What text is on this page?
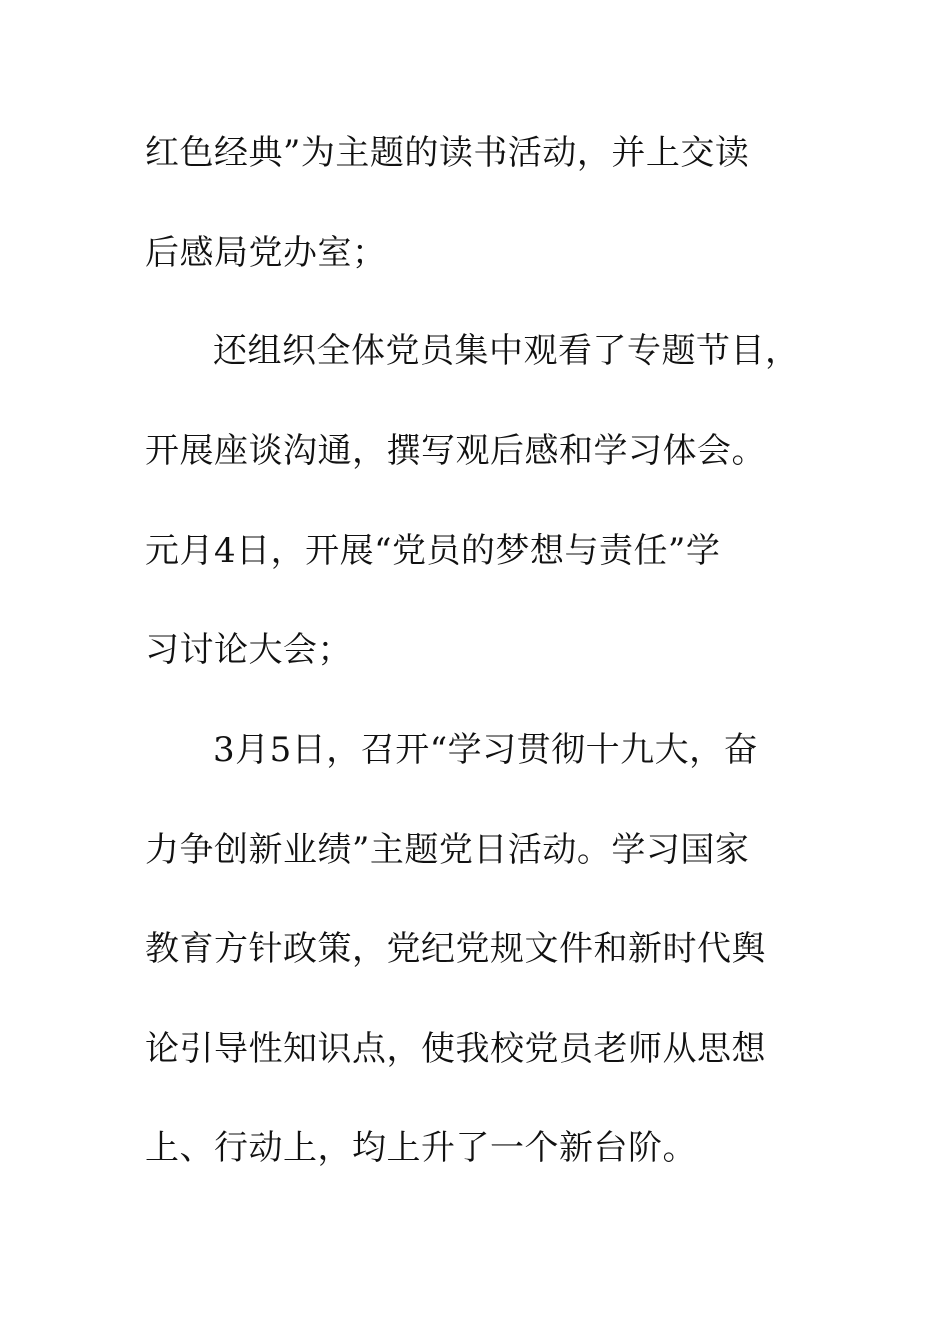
红色经典”为主题的读书活动，并上交读
后感局党办室；
还组织全体党员集中观看了专题节目，
开展座谈沟通，撰写观后感和学习体会。
元月4日，开展“党员的梦想与责任”学
习讨论大会；
3月5日，召开“学习贯彻十九大，奋
力争创新业绩”主题党日活动。学习国家
教育方针政策，党纪党规文件和新时代舆
论引导性知识点，使我校党员老师从思想
上、行动上，均上升了一个新台阶。
